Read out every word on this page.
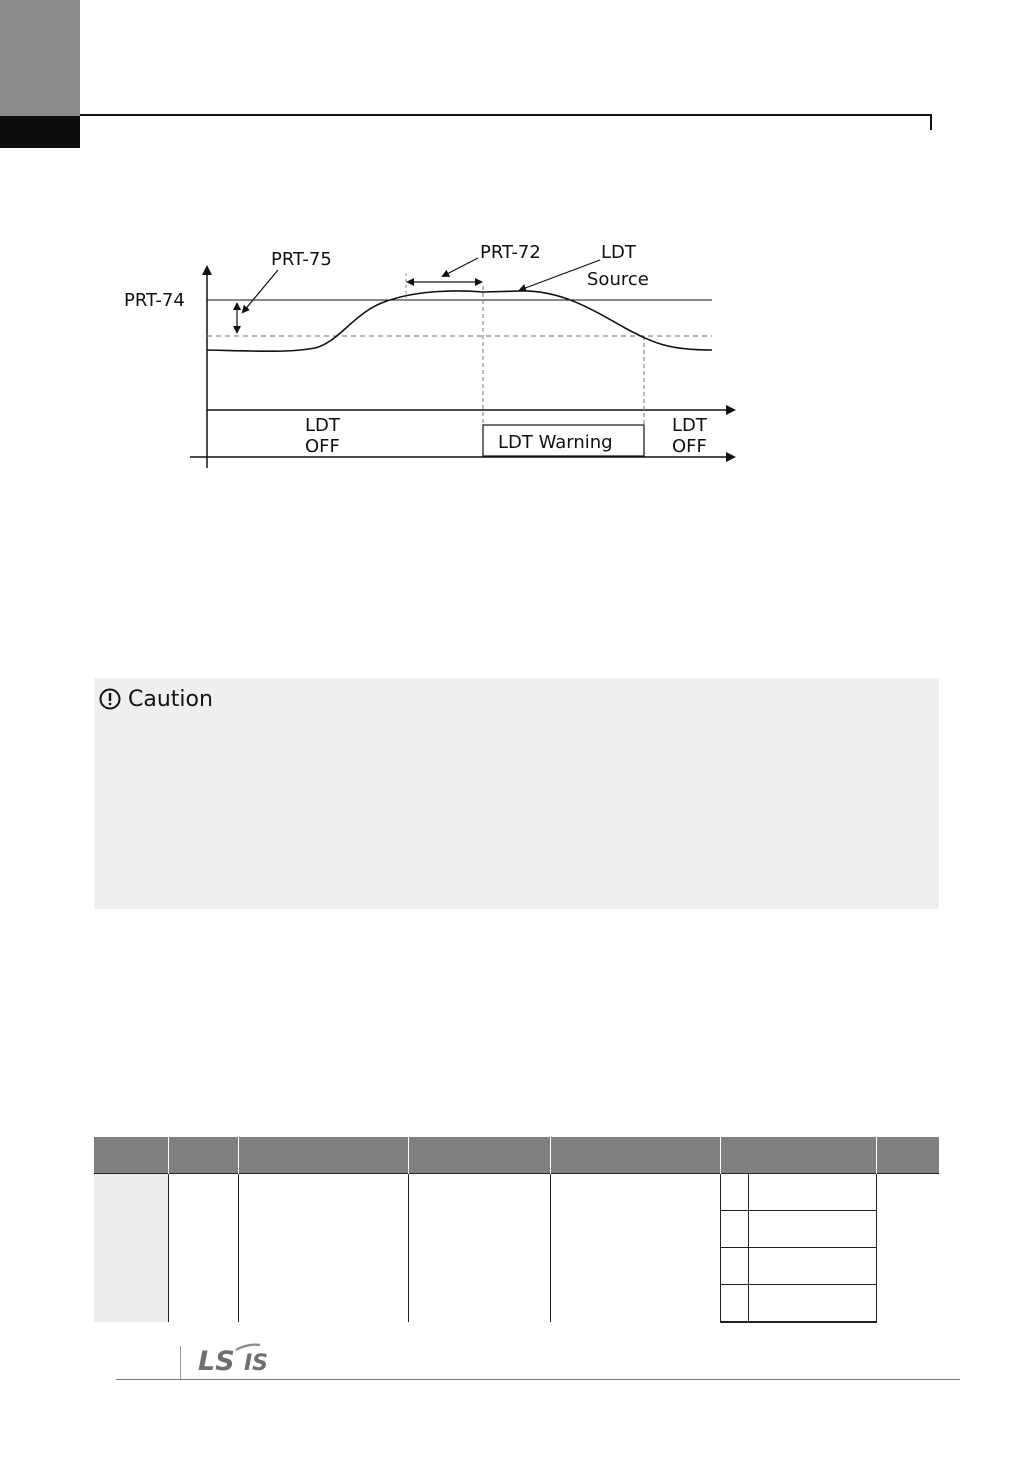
PRT-74
PRT-75	PRT-72	LDT
Source
LDT
OFF	LDT Warning
LDT
OFF
Caution

LS IS
